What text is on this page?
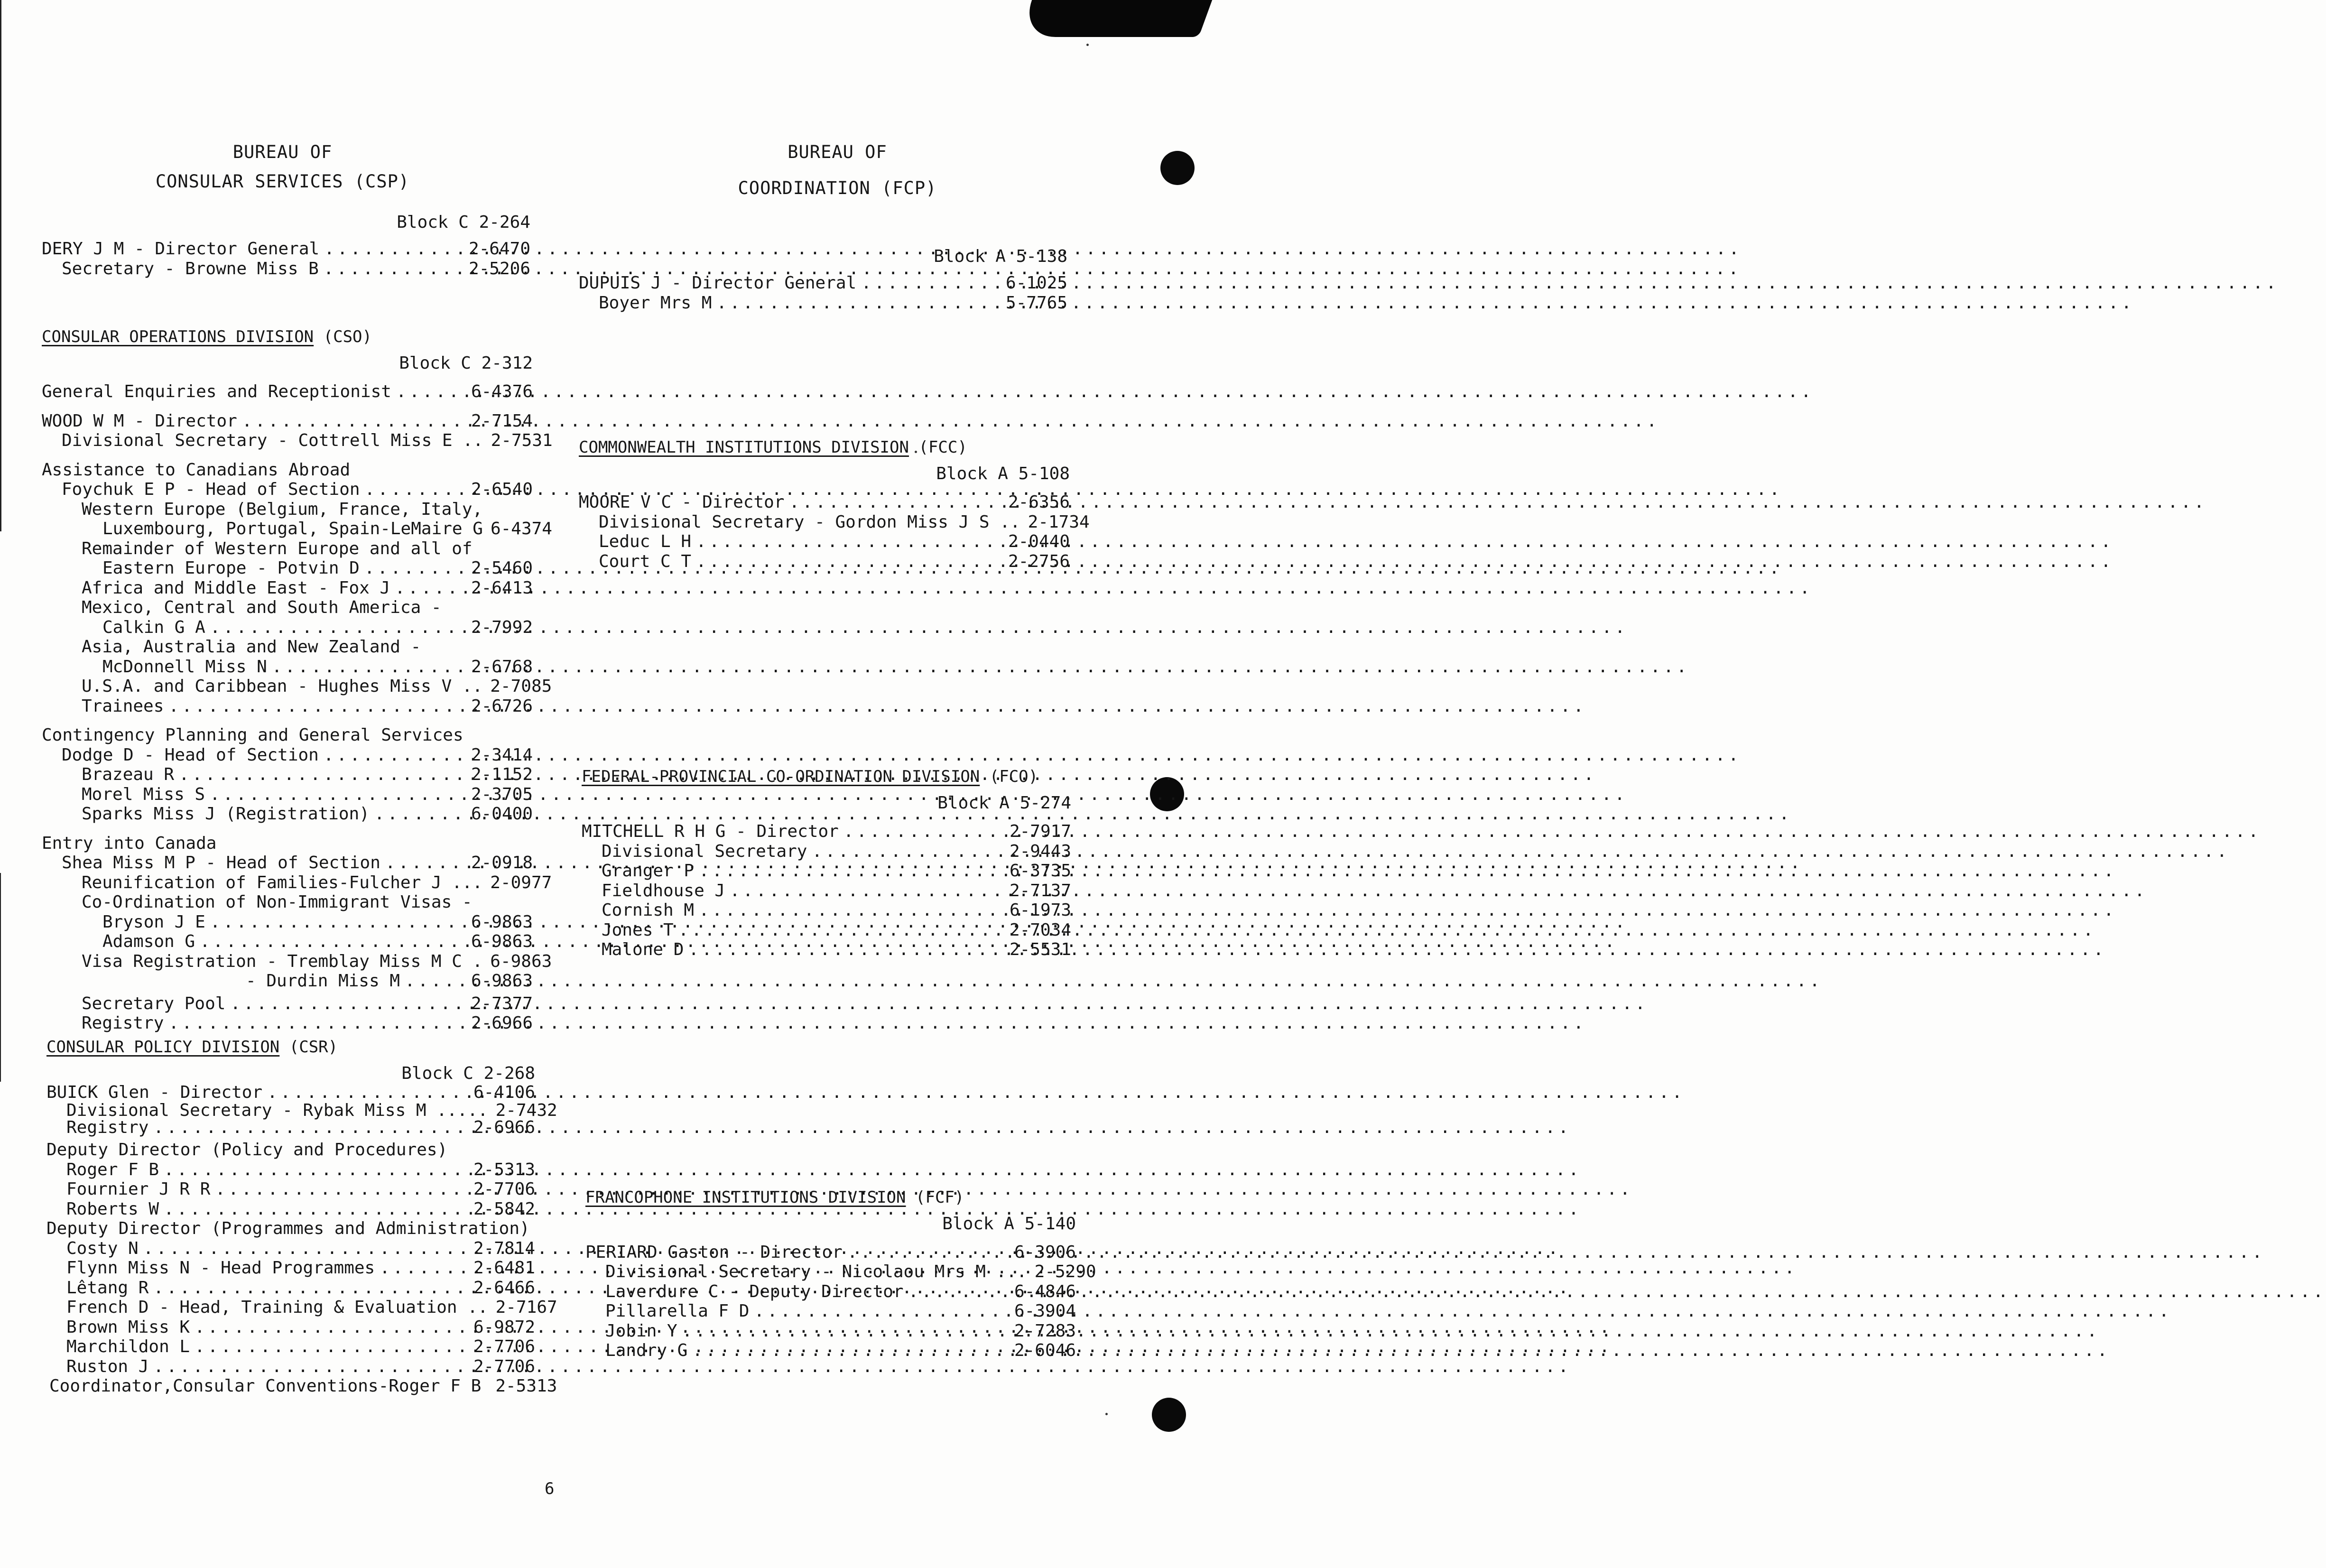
BUREAU OF
CONSULAR SERVICES (CSP)
Block C 2-264
DERY J M - Director General .....	2-6470
Secretary - Browne Miss B .....	2-5206
CONSULAR OPERATIONS DIVISION (CSO)
Block C 2-312
General Enquiries and Receptionist .....	6-4376
WOOD W M - Director .....	2-7154
Divisional Secretary - Cottrell Miss E .. 2-7531
Assistance to Canadians Abroad
Foychuk E P - Head of Section .....	2-6540
Western Europe (Belgium, France, Italy,
Luxembourg, Portugal, Spain-LeMaire G 6-4374
Remainder of Western Europe and all of
Eastern Europe - Potvin D .....	2-5460
Africa and Middle East - Fox J .....	2-6413
Mexico, Central and South America -
Calkin G A .....	2-7992
Asia, Australia and New Zealand -
McDonnell Miss N .....	2-6768
U.S.A. and Caribbean - Hughes Miss V .. 2-7085
Trainees .....	2-6726
Contingency Planning and General Services
Dodge D - Head of Section .....	2-3414
Brazeau R .....	2-1152
Morel Miss S .....	2-3705
Sparks Miss J (Registration) .....	6-0400
Entry into Canada
Shea Miss M P - Head of Section .....	2-0918
Reunification of Families-Fulcher J ... 2-0977
Co-Ordination of Non-Immigrant Visas -
Bryson J E .....	6-9863
Adamson G .....	6-9863
Visa Registration - Tremblay Miss M C . 6-9863
- Durdin Miss M .....	6-9863
Secretary Pool .....	2-7377
Registry .....	2-6966
CONSULAR POLICY DIVISION (CSR)
Block C 2-268
BUICK Glen - Director .....	6-4106
Divisional Secretary - Rybak Miss M ..... 2-7432
Registry .....	2-6966
Deputy Director (Policy and Procedures)
Roger F B .....	2-5313
Fournier J R R .....	2-7706
Roberts W .....	2-5842
Deputy Director (Programmes and Administration)
Costy N .....	2-7814
Flynn Miss N - Head Programmes .....	2-6481
Lêtang R .....	2-6466
French D - Head, Training & Evaluation .. 2-7167
Brown Miss K .....	6-9872
Marchildon L .....	2-7706
Ruston J .....	2-7706
Coordinator,Consular Conventions-Roger F B 2-5313
BUREAU OF
COORDINATION (FCP)
Block A 5-138
DUPUIS J - Director General .....	6-1025
Boyer Mrs M .....	5-7765
COMMONWEALTH INSTITUTIONS DIVISION (FCC)
Block A 5-108
MOORE V C - Director .....	2-6356
Divisional Secretary - Gordon Miss J S .. 2-1734
Leduc L H .....	2-0440
Court C T .....	2-2756
FEDERAL-PROVINCIAL CO-ORDINATION DIVISION (FCO)
Block A 5-274
MITCHELL R H G - Director .....	2-7917
Divisional Secretary .....	2-9443
Granger P .....	6-3735
Fieldhouse J .....	2-7137
Cornish M .....	6-1973
Jones T .....	2-7034
Malone D .....	2-5531
FRANCOPHONE INSTITUTIONS DIVISION (FCF)
Block A 5-140
PERIARD Gaston - Director .....	6-3906
Divisional Secretary - Nicolaou Mrs M ... 2-5290
Laverdure C - Deputy Director .....	6-4846
Pillarella F D .....	6-3904
Jobin Y .....	2-7283
Landry G .....	2-6046
6
